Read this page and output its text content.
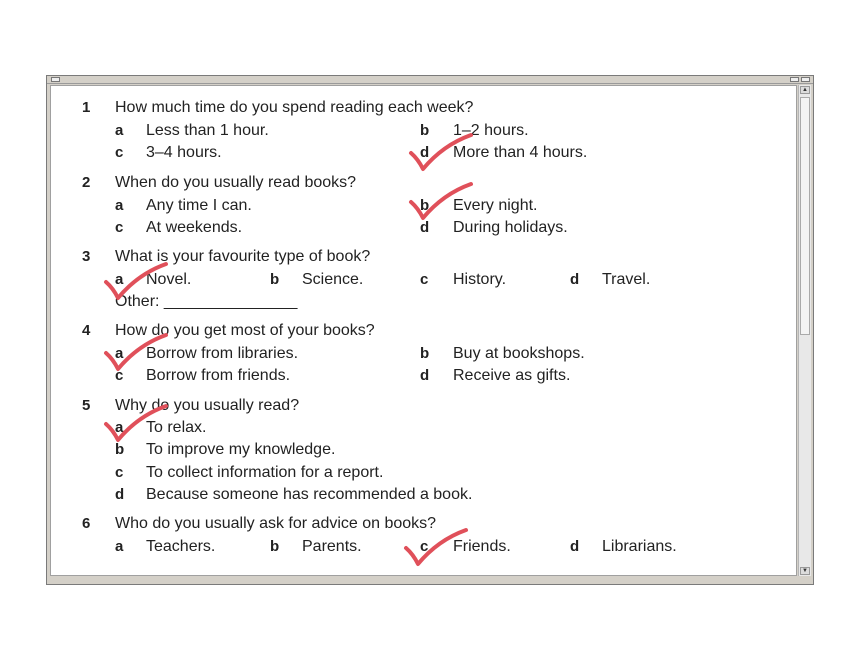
▲
▼
1 How much time do you spend reading each week?
a Less than 1 hour.	b 1–2 hours.
c 3–4 hours.	d More than 4 hours.
2 When do you usually read books?
a Any time I can.	b Every night.
c At weekends.	d During holidays.
3 What is your favourite type of book?
a Novel.	b Science.	c History.	d Travel.
Other: _______________
4 How do you get most of your books?
a Borrow from libraries.	b Buy at bookshops.
c Borrow from friends.	d Receive as gifts.
5 Why do you usually read?
a To relax.
b To improve my knowledge.
c To collect information for a report.
d Because someone has recommended a book.
6 Who do you usually ask for advice on books?
a Teachers.	b Parents.	c Friends.	d Librarians.
